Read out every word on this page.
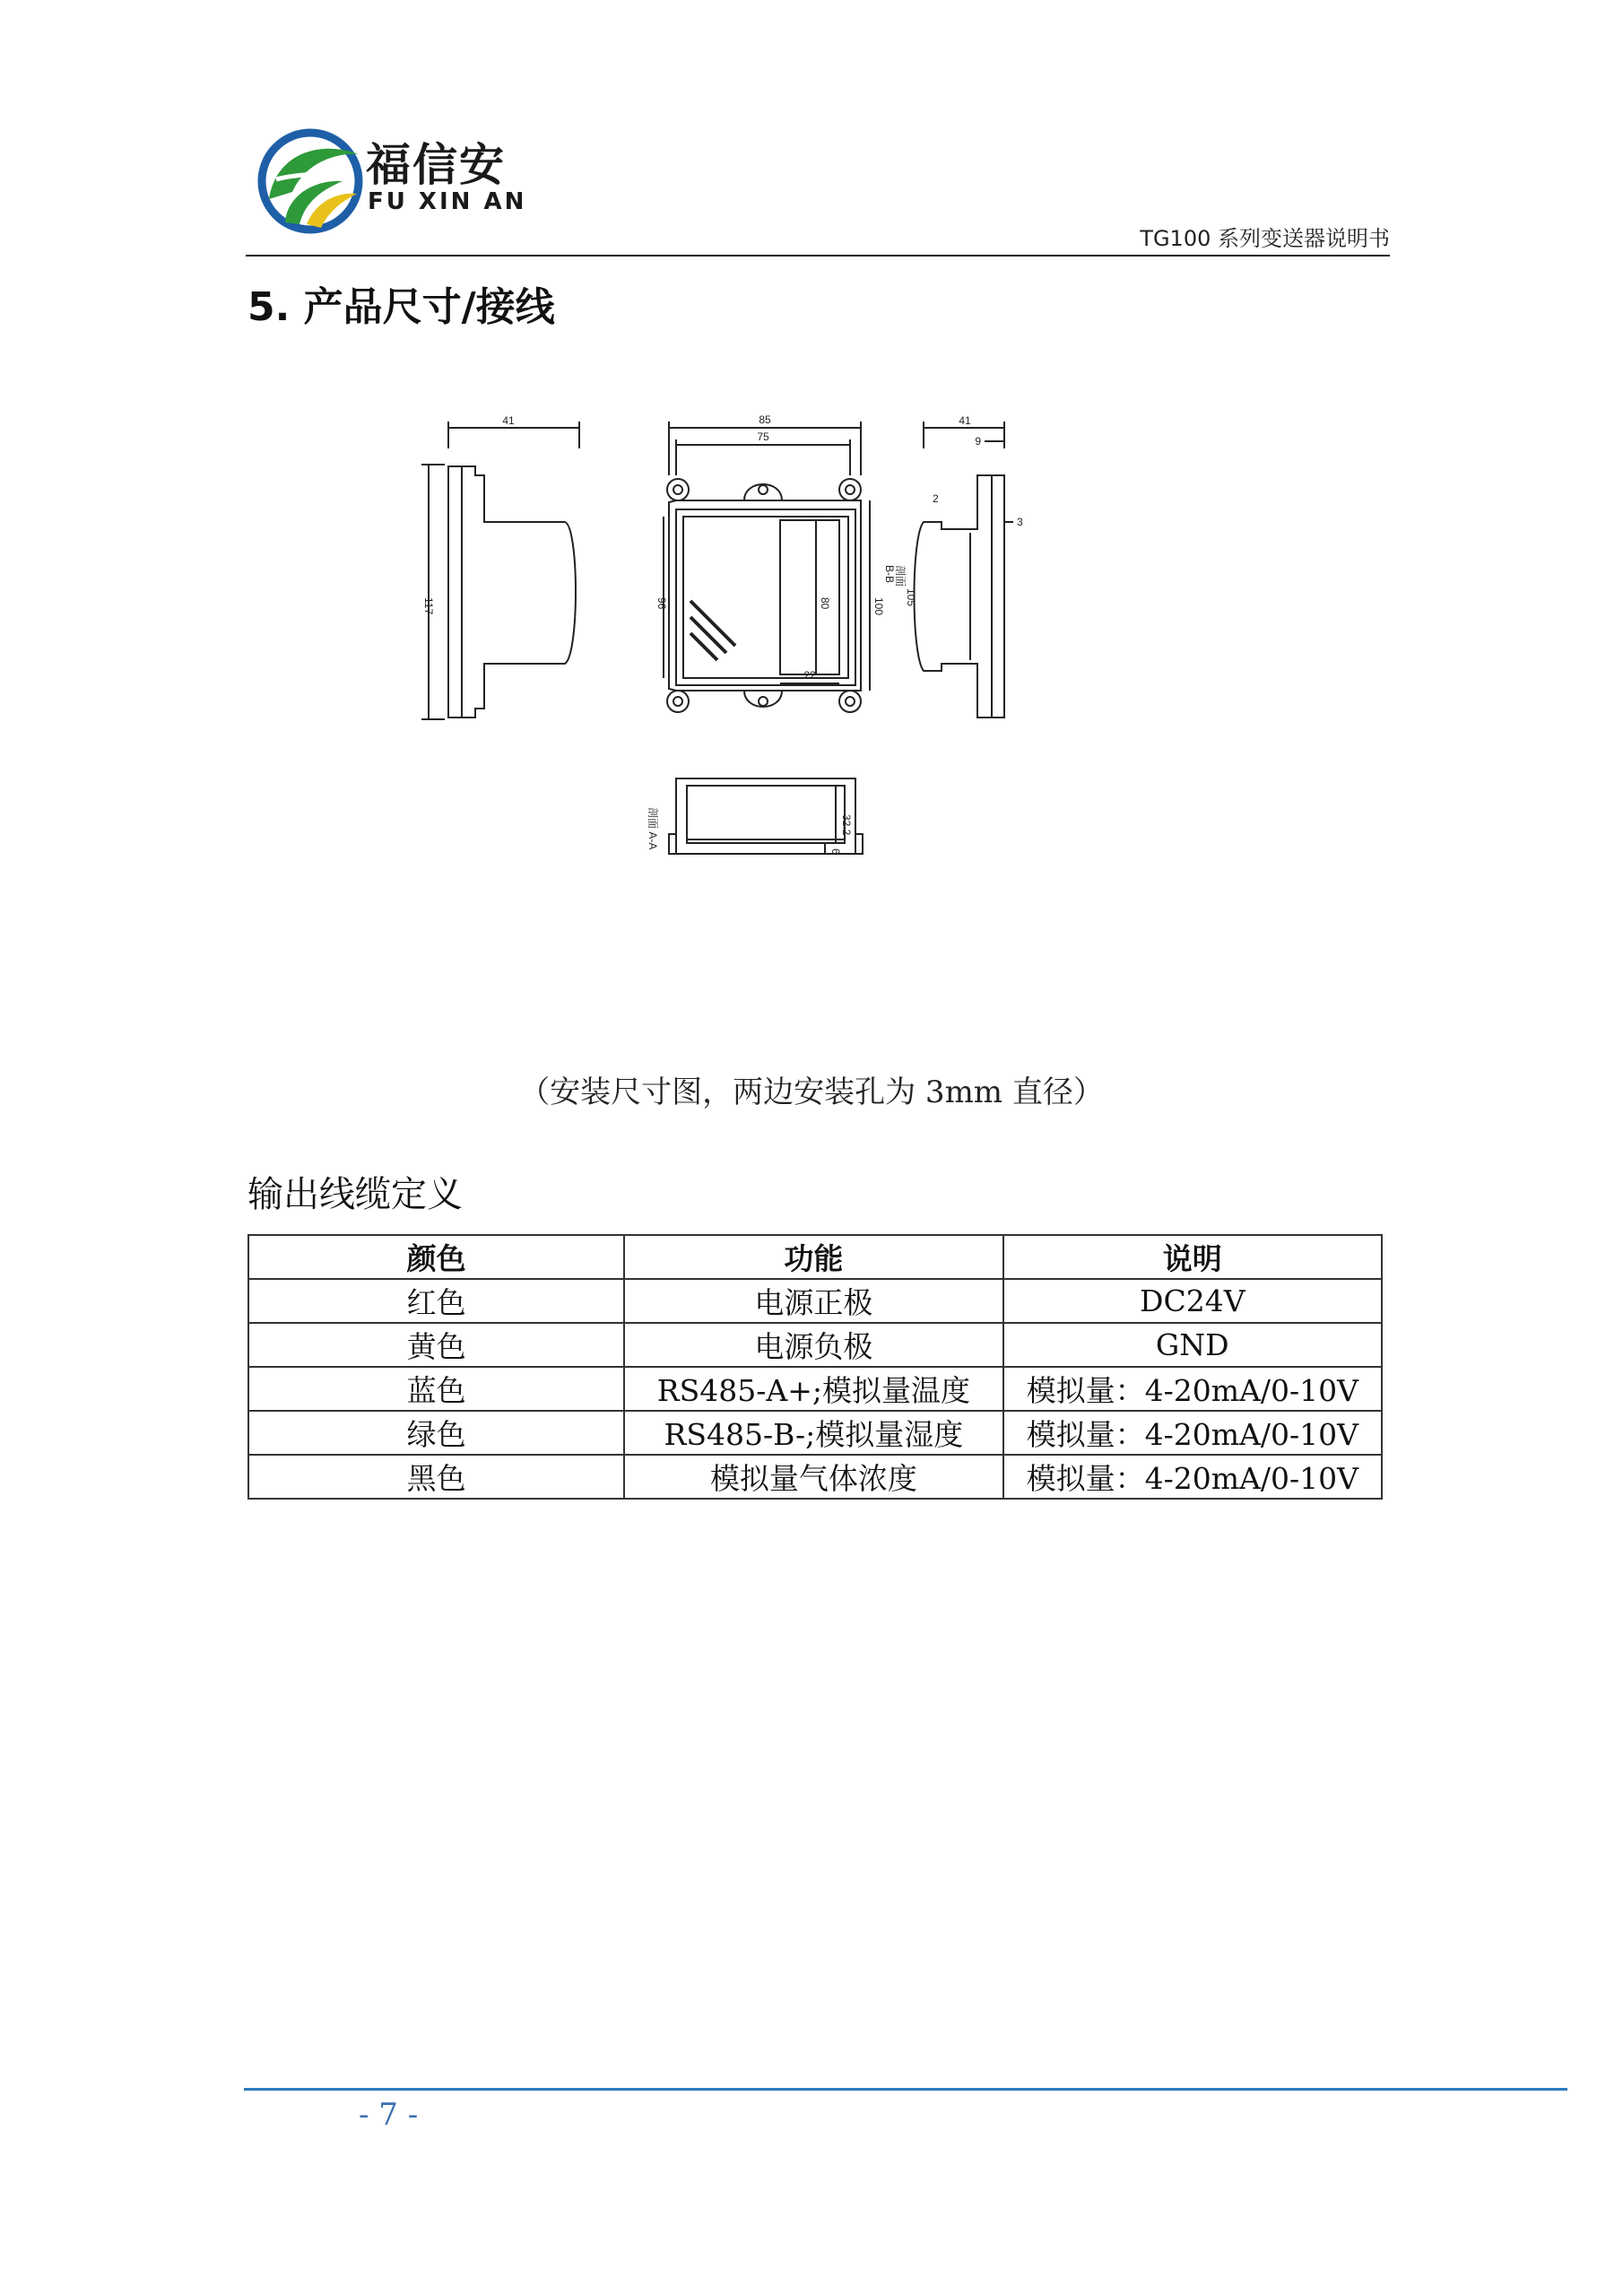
福信安
FU XIN AN
TG100 系列变送器说明书
5. 产品尺寸/接线
41
117
85
75
96	80	100
B-B
剖面
105
22
41
9
2
3
32.2
6
剖面 A-A
（安装尺寸图，两边安装孔为 3mm 直径）
输出线缆定义
颜色	功能	说明
红色	电源正极	DC24V
黄色	电源负极	GND
蓝色	RS485-A+;模拟量温度	模拟量：4-20mA/0-10V
绿色	RS485-B-;模拟量湿度	模拟量：4-20mA/0-10V
黑色	模拟量气体浓度	模拟量：4-20mA/0-10V
- 7 -
